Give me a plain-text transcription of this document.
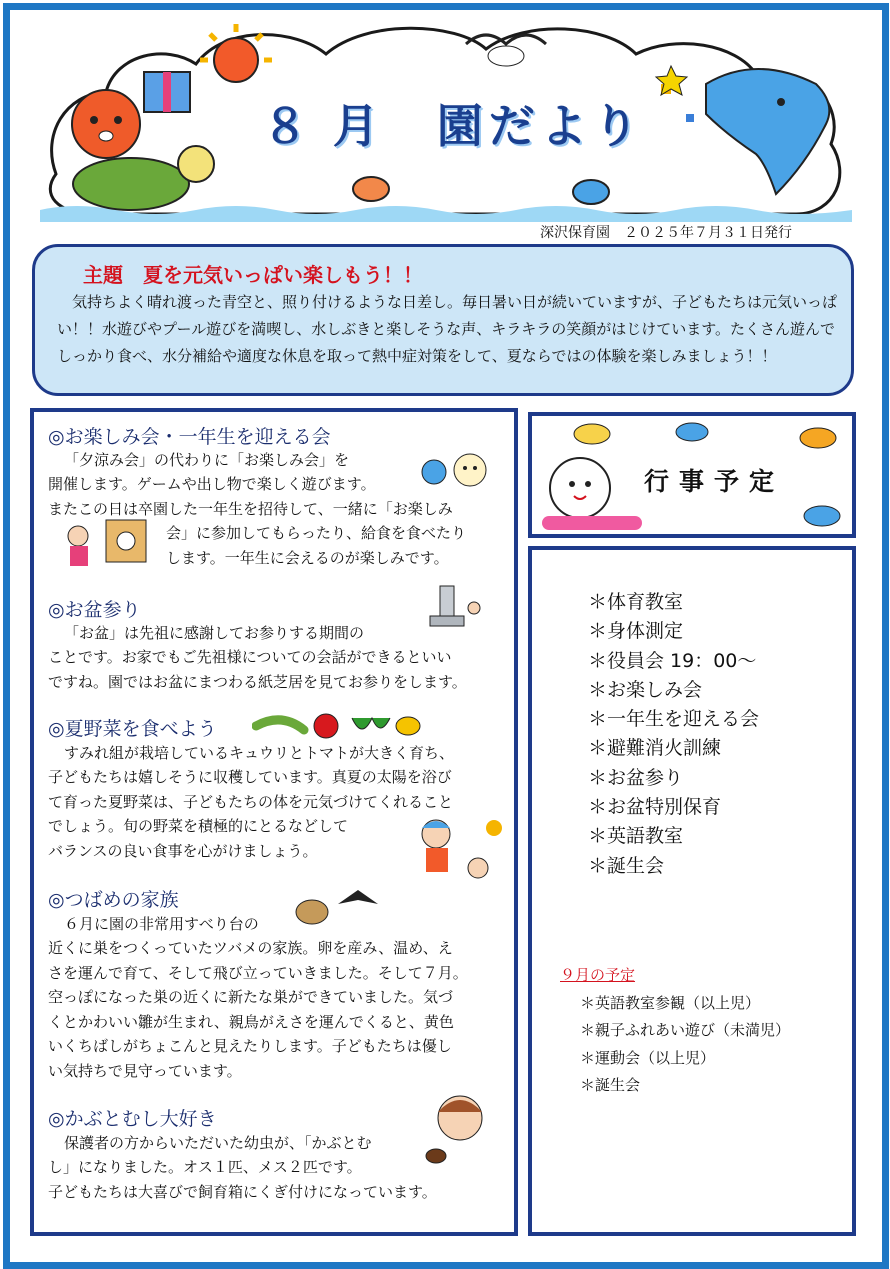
８ 月　園だより
深沢保育園　２０２５年７月３１日発行
主題　夏を元気いっぱい楽しもう！！
　気持ちよく晴れ渡った青空と、照り付けるような日差し。毎日暑い日が続いていますが、子どもたちは元気いっぱい！！水遊びやプール遊びを満喫し、水しぶきと楽しそうな声、キラキラの笑顔がはじけています。たくさん遊んでしっかり食べ、水分補給や適度な休息を取って熱中症対策をして、夏ならではの体験を楽しみましょう！！
◎お楽しみ会・一年生を迎える会
「夕涼み会」の代わりに「お楽しみ会」を
開催します。ゲームや出し物で楽しく遊びます。
またこの日は卒園した一年生を招待して、一緒に「お楽しみ
会」に参加してもらったり、給食を食べたり
します。一年生に会えるのが楽しみです。
◎お盆参り
「お盆」は先祖に感謝してお参りする期間の
ことです。お家でもご先祖様についての会話ができるといい
ですね。園ではお盆にまつわる紙芝居を見てお参りをします。
◎夏野菜を食べよう
すみれ組が栽培しているキュウリとトマトが大きく育ち、
子どもたちは嬉しそうに収穫しています。真夏の太陽を浴び
て育った夏野菜は、子どもたちの体を元気づけてくれること
でしょう。旬の野菜を積極的にとるなどして
バランスの良い食事を心がけましょう。
◎つばめの家族
６月に園の非常用すべり台の
近くに巣をつくっていたツバメの家族。卵を産み、温め、え
さを運んで育て、そして飛び立っていきました。そして７月。
空っぽになった巣の近くに新たな巣ができていました。気づ
くとかわいい雛が生まれ、親鳥がえさを運んでくると、黄色
いくちばしがちょこんと見えたりします。子どもたちは優し
い気持ちで見守っています。
◎かぶとむし大好き
保護者の方からいただいた幼虫が、「かぶとむ
し」になりました。オス１匹、メス２匹です。
子どもたちは大喜びで飼育箱にくぎ付けになっています。
行事予定
＊体育教室
＊身体測定
＊役員会 19：00～
＊お楽しみ会
＊一年生を迎える会
＊避難消火訓練
＊お盆参り
＊お盆特別保育
＊英語教室
＊誕生会
９月の予定
＊英語教室参観（以上児）
＊親子ふれあい遊び（未満児）
＊運動会（以上児）
＊誕生会
